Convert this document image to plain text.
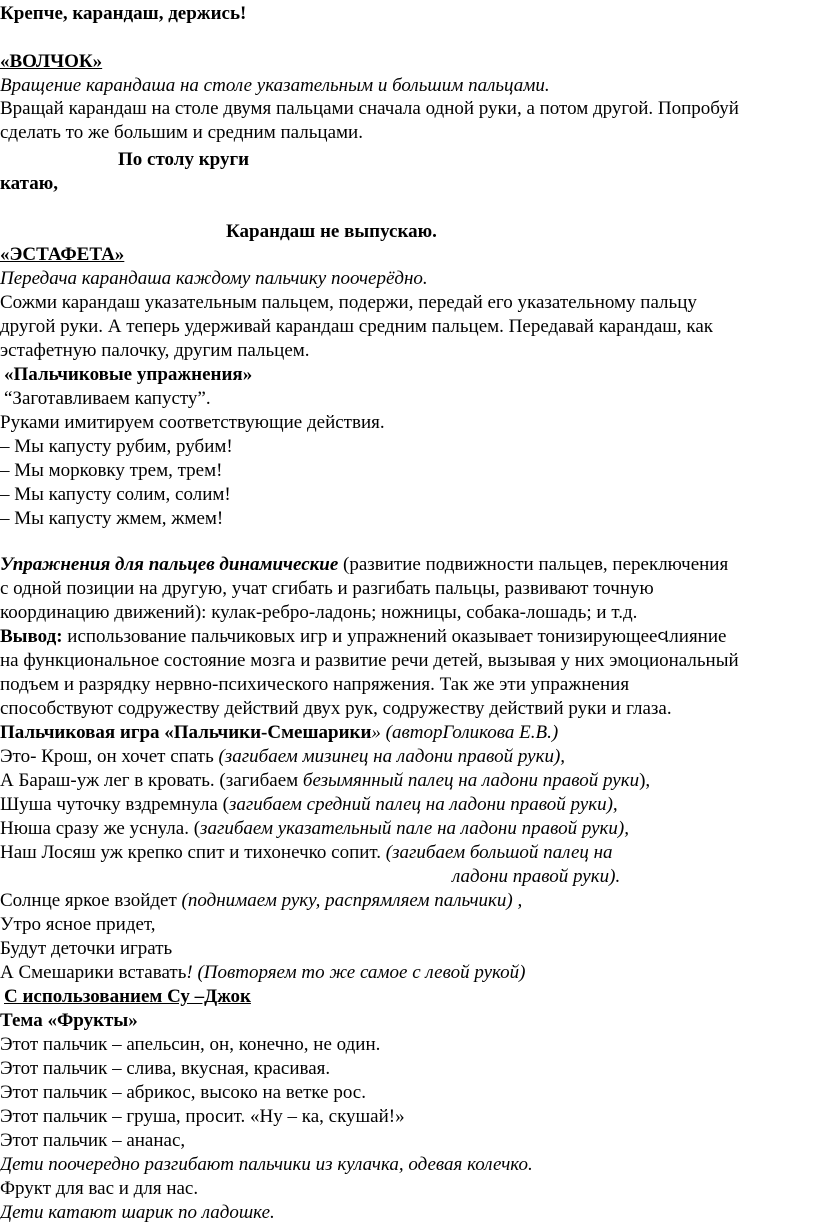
Крепче, карандаш, держись!
«ВОЛЧОК»
Вращение карандаша на столе указательным и большим пальцами.
Вращай карандаш на столе двумя пальцами сначала одной руки, а потом другой. Попробуй
сделать то же большим и средним пальцами.
По столу круги
катаю,
Карандаш не выпускаю.
«ЭСТАФЕТА»
Передача карандаша каждому пальчику поочерёдно.
Сожми карандаш указательным пальцем, подержи, передай его указательному пальцу
другой руки. А теперь удерживай карандаш средним пальцем. Передавай карандаш, как
эстафетную палочку, другим пальцем.
«Пальчиковые упражнения»
“Заготавливаем капусту”.
Руками имитируем соответствующие действия.
– Мы капусту рубим, рубим!
– Мы морковку трем, трем!
– Мы капусту солим, солим!
– Мы капусту жмем, жмем!
Упражнения для пальцев динамические (развитие подвижности пальцев, переключения
с одной позиции на другую, учат сгибать и разгибать пальцы, развивают точную
координацию движений): кулак-ребро-ладонь; ножницы, собака-лошадь; и т.д.
Вывод: использование пальчиковых игр и упражнений оказывает тонизирующееવлияние
на функциональное состояние мозга и развитие речи детей, вызывая у них эмоциональный
подъем и разрядку нервно-психического напряжения. Так же эти упражнения
способствуют содружеству действий двух рук, содружеству действий руки и глаза.
Пальчиковая игра «Пальчики-Смешарики» (авторГоликова Е.В.)
Это- Крош, он хочет спать (загибаем мизинец на ладони правой руки),
А Бараш-уж лег в кровать. (загибаем безымянный палец на ладони правой руки),
Шуша чуточку вздремнула (загибаем средний палец на ладони правой руки),
Нюша сразу же уснула. (загибаем указательный пале на ладони правой руки),
Наш Лосяш уж крепко спит и тихонечко сопит. (загибаем большой палец на
ладони правой руки).
Солнце яркое взойдет (поднимаем руку, распрямляем пальчики) ,
Утро ясное придет,
Будут деточки играть
А Смешарики вставать! (Повторяем то же самое с левой рукой)
С использованием Су –Джок
Тема «Фрукты»
Этот пальчик – апельсин, он, конечно, не один.
Этот пальчик – слива, вкусная, красивая.
Этот пальчик – абрикос, высоко на ветке рос.
Этот пальчик – груша, просит. «Ну – ка, скушай!»
Этот пальчик – ананас,
Дети поочередно разгибают пальчики из кулачка, одевая колечко.
Фрукт для вас и для нас.
Дети катают шарик по ладошке.
